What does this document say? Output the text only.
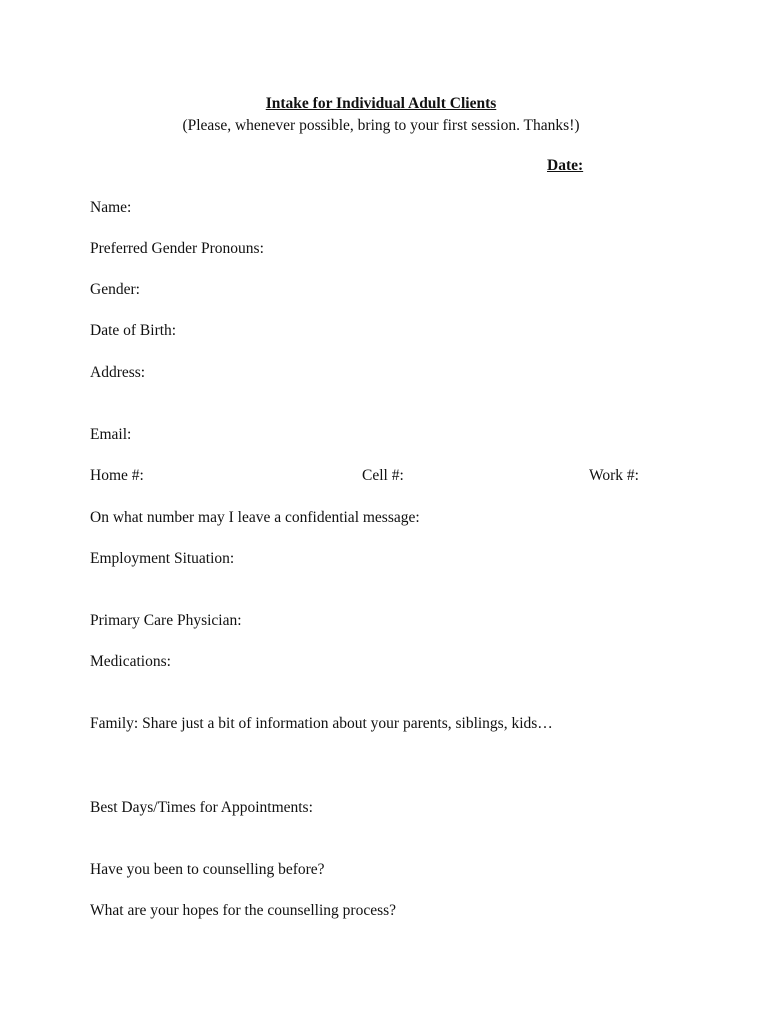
Intake for Individual Adult Clients
(Please, whenever possible, bring to your first session. Thanks!)
Date:
Name:
Preferred Gender Pronouns:
Gender:
Date of Birth:
Address:
Email:
Home #:	Cell #:	Work #:
On what number may I leave a confidential message:
Employment Situation:
Primary Care Physician:
Medications:
Family: Share just a bit of information about your parents, siblings, kids…
Best Days/Times for Appointments:
Have you been to counselling before?
What are your hopes for the counselling process?
